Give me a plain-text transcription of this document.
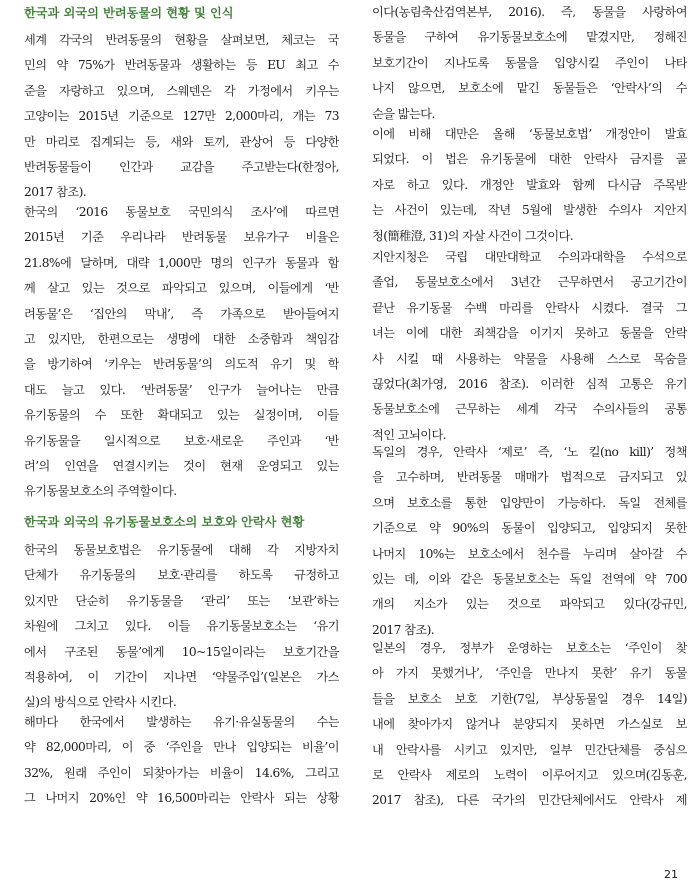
한국과 외국의 반려동물의 현황 및 인식

세계 각국의 반려동물의 현황을 살펴보면, 체코는 국
민의 약 75%가 반려동물과 생활하는 등 EU 최고 수
준을 자랑하고 있으며, 스웨덴은 각 가정에서 키우는
고양이는 2015년 기준으로 127만 2,000마리, 개는 73
만 마리로 집계되는 등, 새와 토끼, 관상어 등 다양한
반려동물들이 인간과 교감을 주고받는다(한정아,
2017 참조).

한국의 ‘2016 동물보호 국민의식 조사’에 따르면
2015년 기준 우리나라 반려동물 보유가구 비율은
21.8%에 달하며, 대략 1,000만 명의 인구가 동물과 함
께 살고 있는 것으로 파악되고 있으며, 이들에게 ‘반
려동물’은 ‘집안의 막내’, 즉 가족으로 받아들여지
고 있지만, 한편으로는 생명에 대한 소중함과 책임감
을 방기하여 ‘키우는 반려동물’의 의도적 유기 및 학
대도 늘고 있다. ‘반려동물’ 인구가 늘어나는 만큼
유기동물의 수 또한 확대되고 있는 실정이며, 이들
유기동물을 일시적으로 보호·새로운 주인과 ‘반
려’의 인연을 연결시키는 것이 현재 운영되고 있는
유기동물보호소의 주역할이다.

한국과 외국의 유기동물보호소의 보호와 안락사 현황

한국의 동물보호법은 유기동물에 대해 각 지방자치
단체가 유기동물의 보호·관리를 하도록 규정하고
있지만 단순히 유기동물을 ‘관리’ 또는 ‘보관’하는
차원에 그치고 있다. 이들 유기동물보호소는 ‘유기
에서 구조된 동물’에게 10~15일이라는 보호기간을
적용하여, 이 기간이 지나면 ‘약물주입’(일본은 가스
실)의 방식으로 안락사 시킨다.

해마다 한국에서 발생하는 유기·유실동물의 수는
약 82,000마리, 이 중 ‘주인을 만나 입양되는 비율’이
32%, 원래 주인이 되찾아가는 비율이 14.6%, 그리고
그 나머지 20%인 약 16,500마리는 안락사 되는 상황

이다(농림축산검역본부, 2016). 즉, 동물을 사랑하여
동물을 구하여 유기동물보호소에 맡겼지만, 정해진
보호기간이 지나도록 동물을 입양시킬 주인이 나타
나지 않으면, 보호소에 맡긴 동물들은 ‘안락사’의 수
순을 밟는다.

이에 비해 대만은 올해 ‘동물보호법’ 개정안이 발효
되었다. 이 법은 유기동물에 대한 안락사 금지를 골
자로 하고 있다. 개정안 발효와 함께 다시금 주목받
는 사건이 있는데, 작년 5월에 발생한 수의사 지안지
청(簡稚澄, 31)의 자살 사건이 그것이다.

지안지청은 국립 대만대학교 수의과대학을 수석으로
졸업, 동물보호소에서 3년간 근무하면서 공고기간이
끝난 유기동물 수백 마리를 안락사 시켰다. 결국 그
녀는 이에 대한 죄책감을 이기지 못하고 동물을 안락
사 시킬 때 사용하는 약물을 사용해 스스로 목숨을
끊었다(최가영, 2016 참조). 이러한 심적 고통은 유기
동물보호소에 근무하는 세계 각국 수의사들의 공통
적인 고뇌이다.

독일의 경우, 안락사 ‘제로’ 즉, ‘노 킬(no kill)’ 정책
을 고수하며, 반려동물 매매가 법적으로 금지되고 있
으며 보호소를 통한 입양만이 가능하다. 독일 전체를
기준으로 약 90%의 동물이 입양되고, 입양되지 못한
나머지 10%는 보호소에서 천수를 누리며 살아갈 수
있는 데, 이와 같은 동물보호소는 독일 전역에 약 700
개의 지소가 있는 것으로 파악되고 있다(강규민,
2017 참조).

일본의 경우, 정부가 운영하는 보호소는 ‘주인이 찾
아 가지 못했거나’, ‘주인을 만나지 못한’ 유기 동물
들을 보호소 보호 기한(7일, 부상동물일 경우 14일)
내에 찾아가지 않거나 분양되지 못하면 가스실로 보
내 안락사를 시키고 있지만, 일부 민간단체를 중심으
로 안락사 제로의 노력이 이루어지고 있으며(김동훈,
2017 참조), 다른 국가의 민간단체에서도 안락사 제

21
